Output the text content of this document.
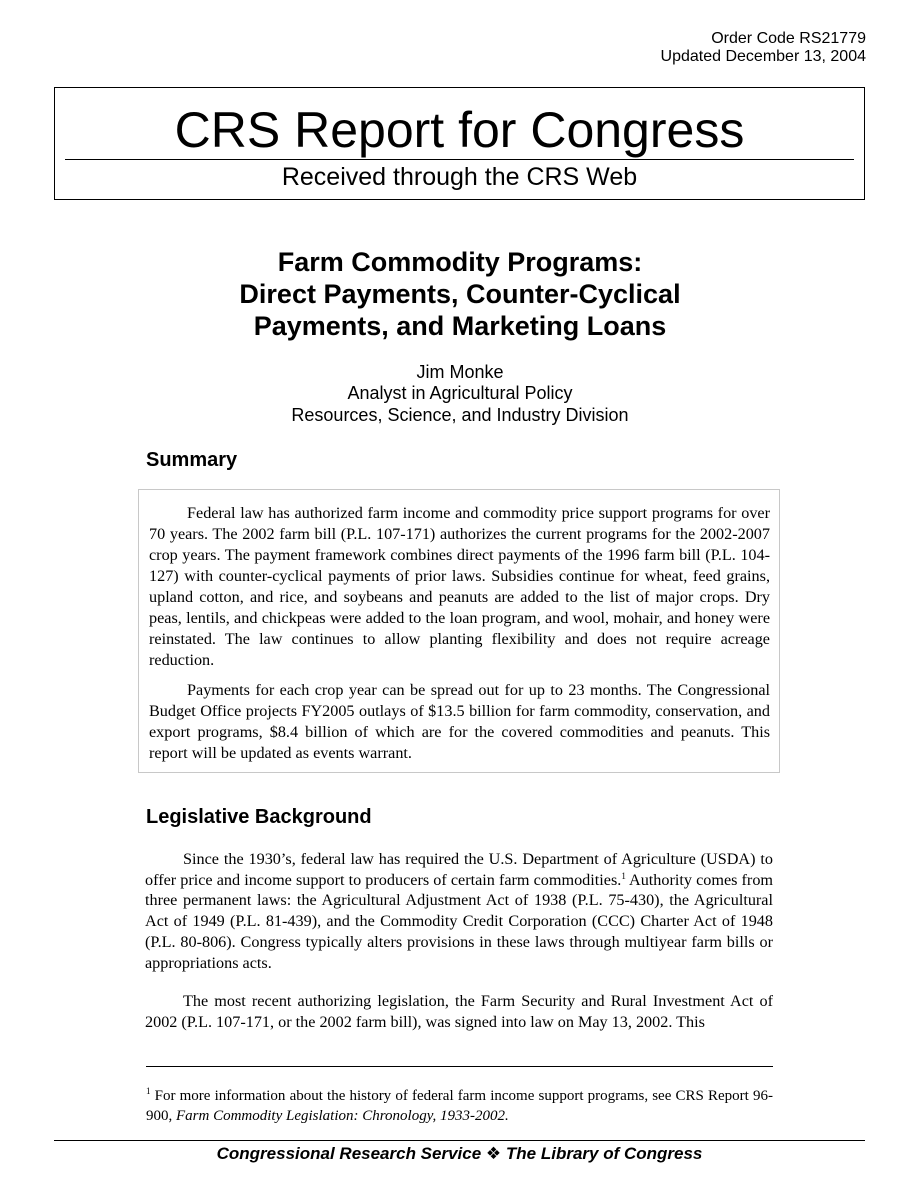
Order Code RS21779
Updated December 13, 2004
CRS Report for Congress
Received through the CRS Web
Farm Commodity Programs:
Direct Payments, Counter-Cyclical
Payments, and Marketing Loans
Jim Monke
Analyst in Agricultural Policy
Resources, Science, and Industry Division
Summary

Federal law has authorized farm income and commodity price support programs for over 70 years. The 2002 farm bill (P.L. 107-171) authorizes the current programs for the 2002-2007 crop years. The payment framework combines direct payments of the 1996 farm bill (P.L. 104-127) with counter-cyclical payments of prior laws. Subsidies continue for wheat, feed grains, upland cotton, and rice, and soybeans and peanuts are added to the list of major crops. Dry peas, lentils, and chickpeas were added to the loan program, and wool, mohair, and honey were reinstated. The law continues to allow planting flexibility and does not require acreage reduction.

Payments for each crop year can be spread out for up to 23 months. The Congressional Budget Office projects FY2005 outlays of $13.5 billion for farm commodity, conservation, and export programs, $8.4 billion of which are for the covered commodities and peanuts. This report will be updated as events warrant.

Legislative Background

Since the 1930’s, federal law has required the U.S. Department of Agriculture (USDA) to offer price and income support to producers of certain farm commodities.$^1$ Authority comes from three permanent laws: the Agricultural Adjustment Act of 1938 (P.L. 75-430), the Agricultural Act of 1949 (P.L. 81-439), and the Commodity Credit Corporation (CCC) Charter Act of 1948 (P.L. 80-806). Congress typically alters provisions in these laws through multiyear farm bills or appropriations acts.

The most recent authorizing legislation, the Farm Security and Rural Investment Act of 2002 (P.L. 107-171, or the 2002 farm bill), was signed into law on May 13, 2002. This

$^1$ For more information about the history of federal farm income support programs, see CRS Report 96-900, Farm Commodity Legislation: Chronology, 1933-2002.
Congressional Research Service ❖ The Library of Congress
